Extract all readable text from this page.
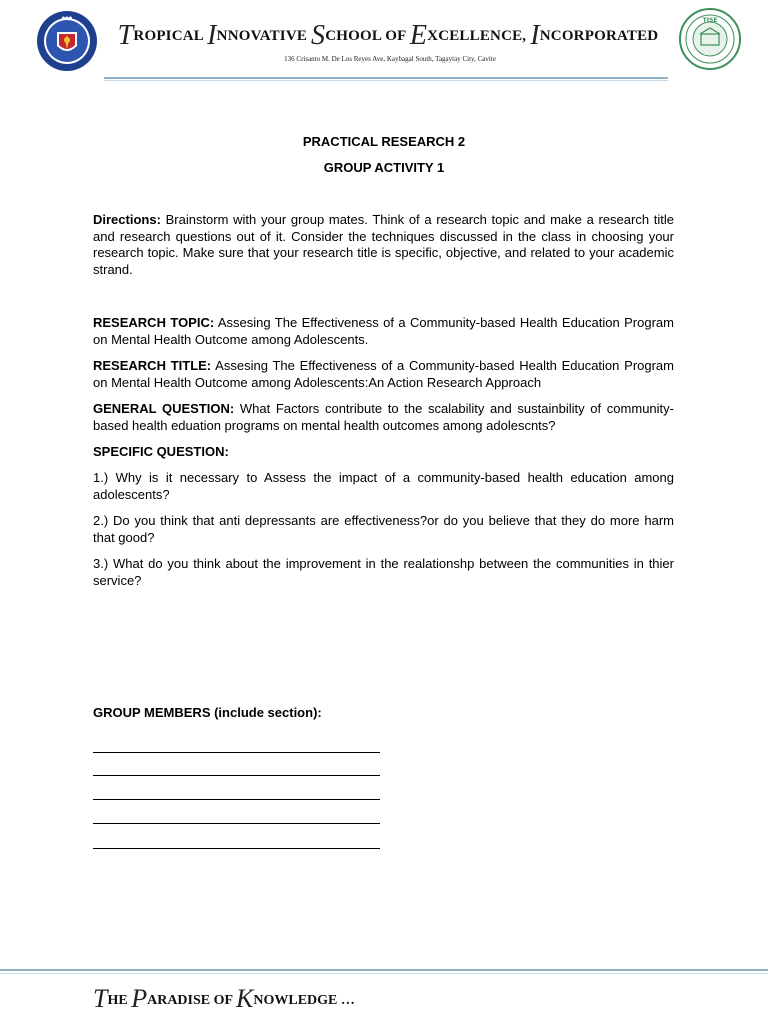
●●●
TROPICAL INNOVATIVE SCHOOL OF EXCELLENCE, INCORPORATED
136 Crisanto M. De Los Reyes Ave, Kaybagal South, Tagaytay City, Cavite
TISE
PRACTICAL RESEARCH 2
GROUP ACTIVITY 1
Directions: Brainstorm with your group mates. Think of a research topic and make a research title and research questions out of it. Consider the techniques discussed in the class in choosing your research topic. Make sure that your research title is specific, objective, and related to your academic strand.
RESEARCH TOPIC: Assesing The Effectiveness of a Community-based Health Education Program on Mental Health Outcome among Adolescents.
RESEARCH TITLE: Assesing The Effectiveness of a Community-based Health Education Program on Mental Health Outcome among Adolescents:An Action Research Approach
GENERAL QUESTION: What Factors contribute to the scalability and sustainbility of community-based health eduation programs on mental health outcomes among adolescnts?
SPECIFIC QUESTION:
1.) Why is it necessary to Assess the impact of a community-based health education among adolescents?
2.) Do you think that anti depressants are effectiveness?or do you believe that they do more harm that good?
3.) What do you think about the improvement in the realationshp between the communities in thier service?
GROUP MEMBERS (include section):
THE PARADISE OF KNOWLEDGE …
